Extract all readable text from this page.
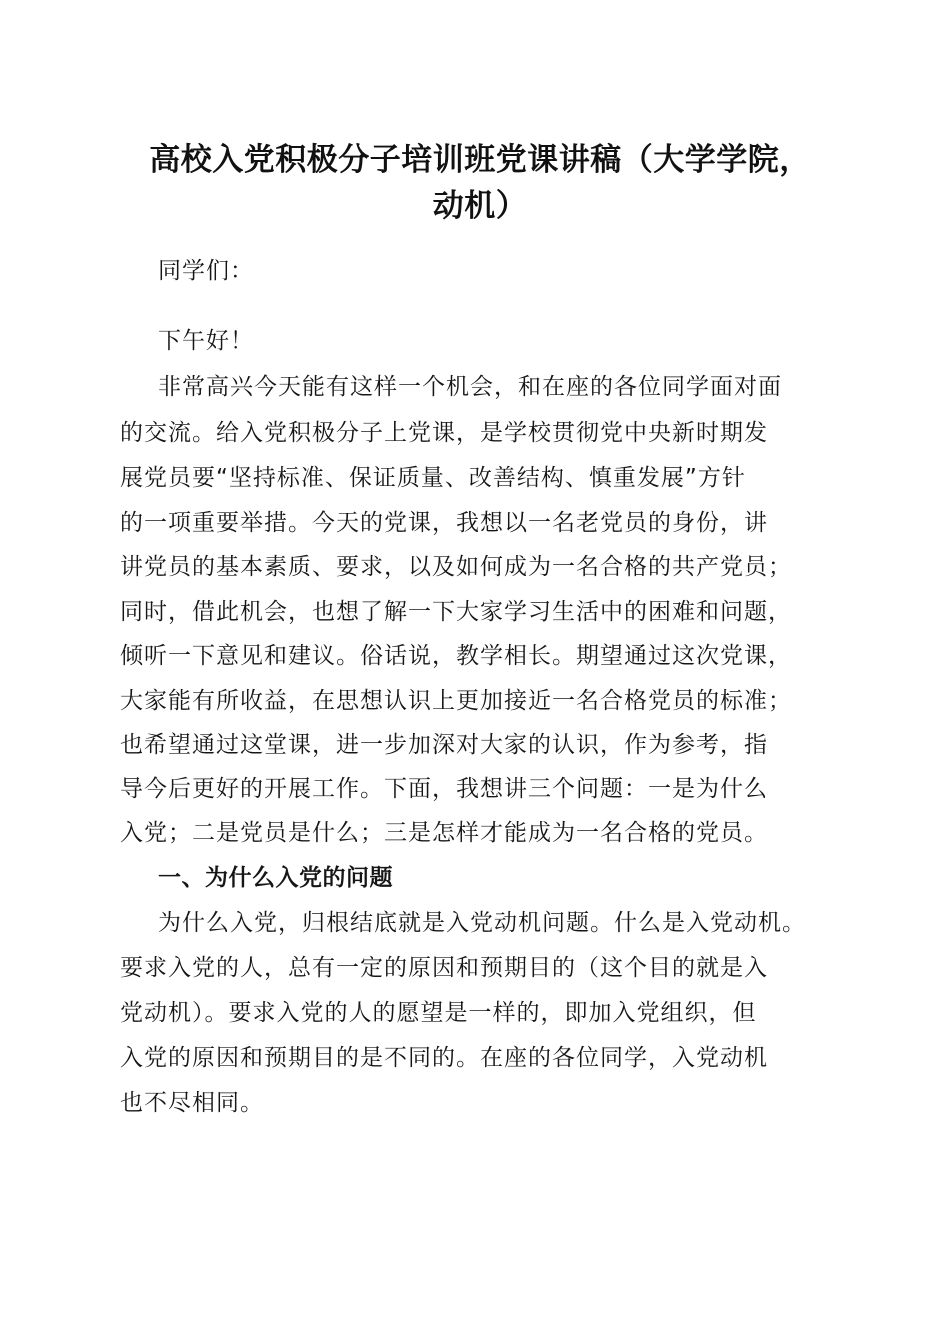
高校入党积极分子培训班党课讲稿（大学学院，
动机）
同学们：
下午好！
非常高兴今天能有这样一个机会，和在座的各位同学面对面
的交流。给入党积极分子上党课，是学校贯彻党中央新时期发
展党员要“坚持标准、保证质量、改善结构、慎重发展”方针
的一项重要举措。今天的党课，我想以一名老党员的身份，讲
讲党员的基本素质、要求，以及如何成为一名合格的共产党员；
同时，借此机会，也想了解一下大家学习生活中的困难和问题，
倾听一下意见和建议。俗话说，教学相长。期望通过这次党课，
大家能有所收益，在思想认识上更加接近一名合格党员的标准；
也希望通过这堂课，进一步加深对大家的认识，作为参考，指
导今后更好的开展工作。下面，我想讲三个问题：一是为什么
入党；二是党员是什么；三是怎样才能成为一名合格的党员。
一、为什么入党的问题
为什么入党，归根结底就是入党动机问题。什么是入党动机。
要求入党的人，总有一定的原因和预期目的（这个目的就是入
党动机）。要求入党的人的愿望是一样的，即加入党组织，但
入党的原因和预期目的是不同的。在座的各位同学，入党动机
也不尽相同。
